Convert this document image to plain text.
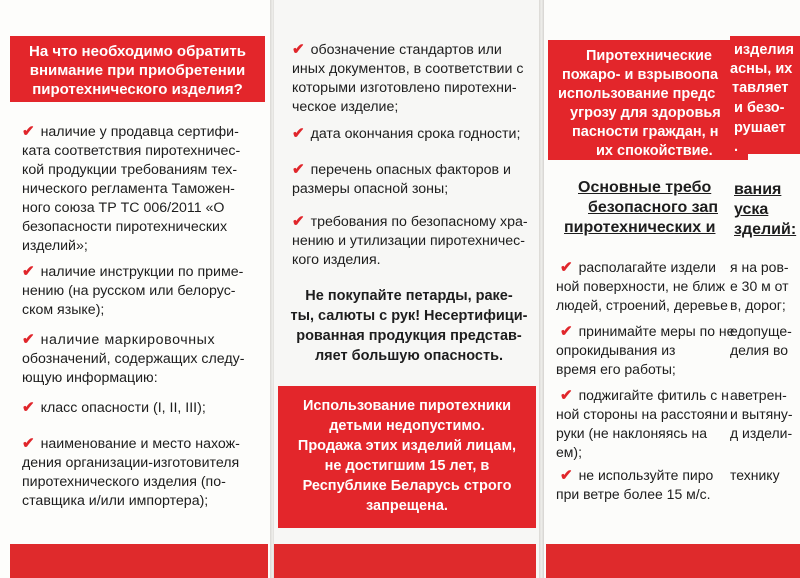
На что необходимо обратить
внимание при приобретении
пиротехнического изделия?
✔ наличие у продавца сертифи-
ката соответствия пиротехничес-
кой продукции требованиям тех-
нического регламента Таможен-
ного союза ТР ТС 006/2011 «О
безопасности пиротехнических
изделий»;
✔ наличие инструкции по приме-
нению (на русском или белорус-
ском языке);
✔ наличие маркировочных
обозначений, содержащих следу-
ющую информацию:
✔ класс опасности (I, II, III);
✔ наименование и место нахож-
дения организации-изготовителя
пиротехнического изделия (по-
ставщика и/или импортера);
✔ обозначение стандартов или
иных документов, в соответствии с
которыми изготовлено пиротехни-
ческое изделие;
✔ дата окончания срока годности;
✔ перечень опасных факторов и
размеры опасной зоны;
✔ требования по безопасному хра-
нению и утилизации пиротехничес-
кого изделия.
Не покупайте петарды, раке-
ты, салюты с рук! Несертифици-
рованная продукция представ-
ляет большую опасность.
Использование пиротехники
детьми недопустимо.
Продажа этих изделий лицам,
не достигшим 15 лет, в
Республике Беларусь строго
запрещена.
Пиротехнические
пожаро- и взрывоопа
использование предс
угрозу для здоровья
пасности граждан, н
их спокойствие.
изделия
асны, их
тавляет
и безо-
рушает
.
Основные требо
безопасного зап
пиротехнических и
вания
уска
зделий:
✔ располагайте издели
ной поверхности, не ближ
людей, строений, деревье
я на ров-
е 30 м от
в, дорог;
✔ принимайте меры по не
опрокидывания из
время его работы;
едопуще-
делия во
✔ поджигайте фитиль с н
ной стороны на расстояни
руки (не наклоняясь на
ем);
аветрен-
и вытяну-
д издели-
✔ не используйте пиро
при ветре более 15 м/с.
технику
